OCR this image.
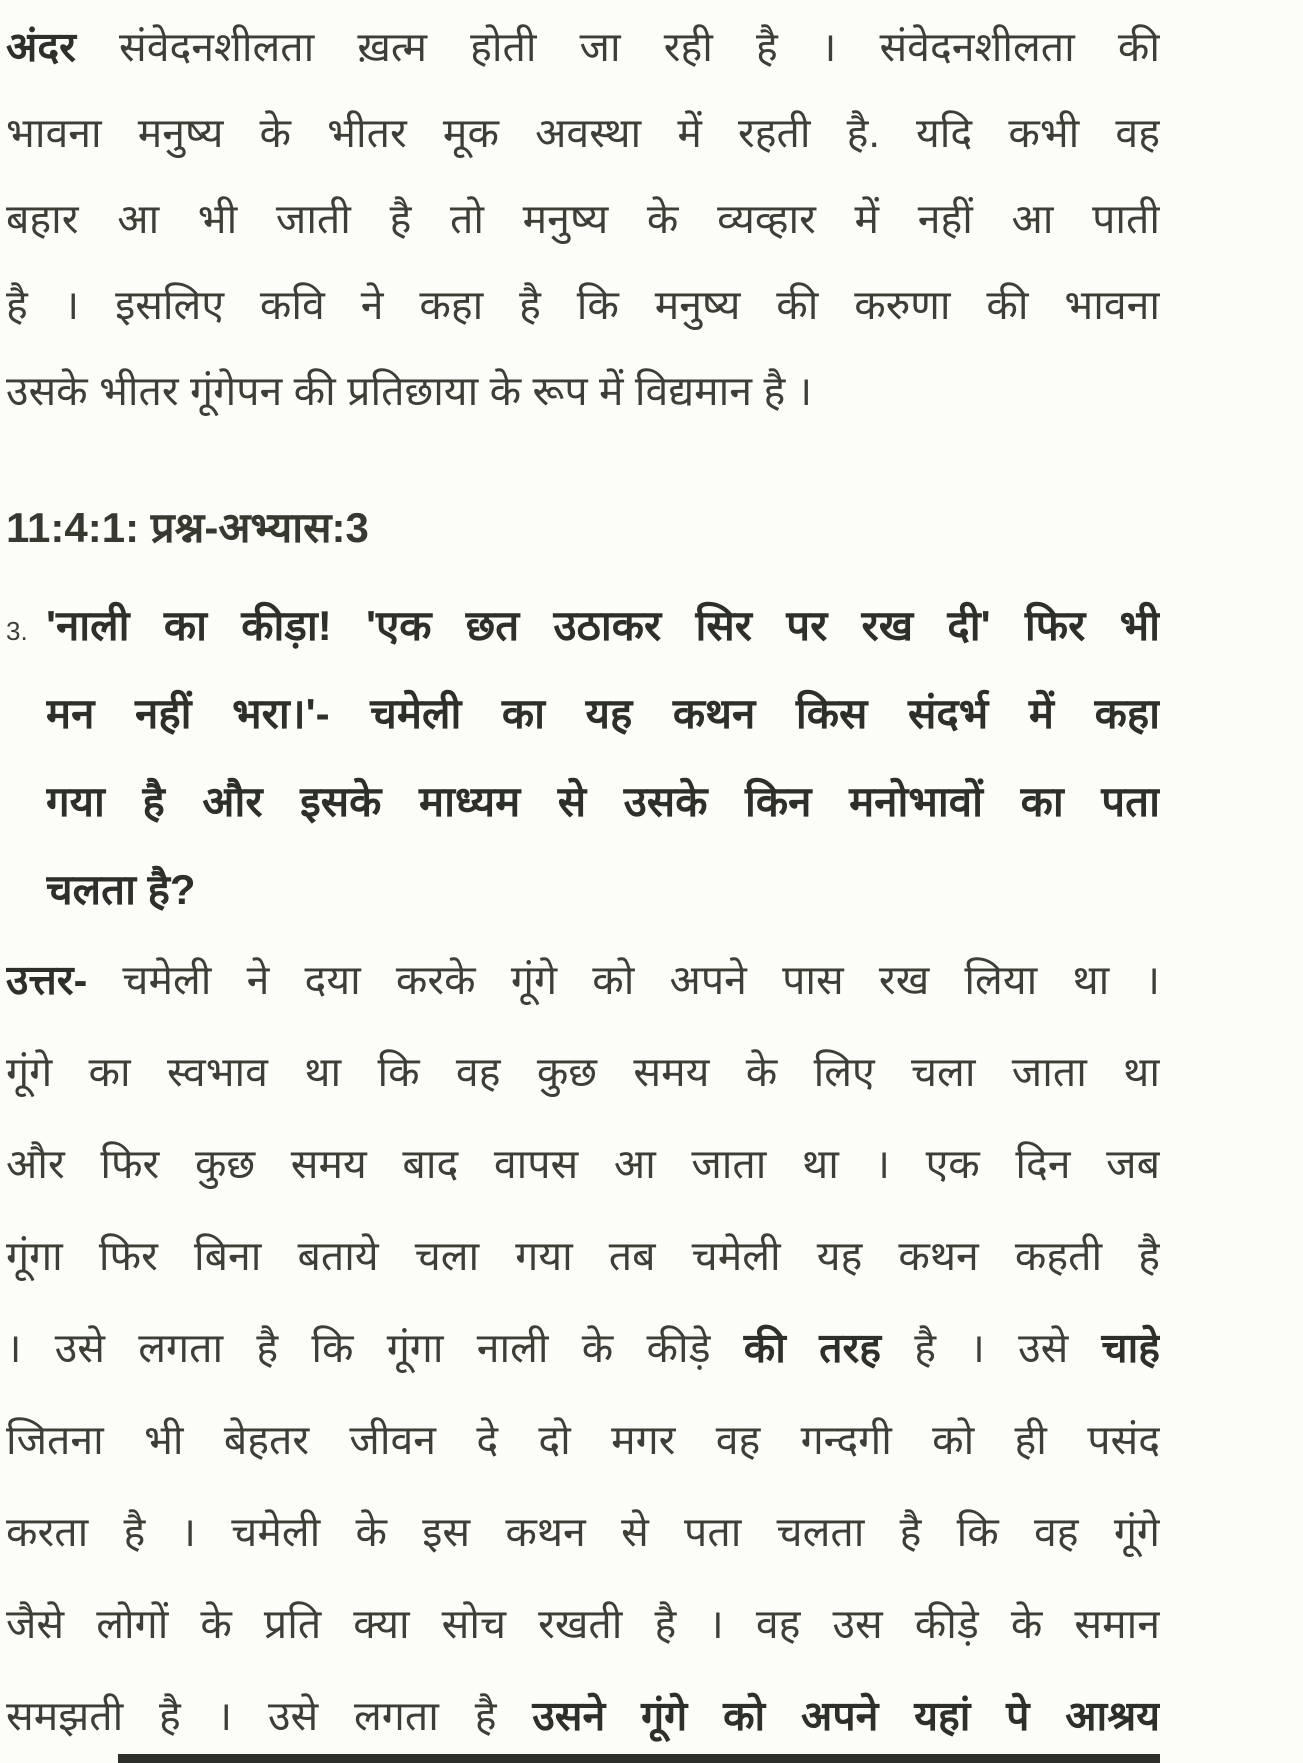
अंदर संवेदनशीलता ख़त्म होती जा रही है । संवेदनशीलता की
भावना मनुष्य के भीतर मूक अवस्था में रहती है. यदि कभी वह
बहार आ भी जाती है तो मनुष्य के व्यव्हार में नहीं आ पाती
है । इसलिए कवि ने कहा है कि मनुष्य की करुणा की भावना
उसके भीतर गूंगेपन की प्रतिछाया के रूप में विद्यमान है ।
11:4:1: प्रश्न-अभ्यास:3
3. 'नाली का कीड़ा! 'एक छत उठाकर सिर पर रख दी' फिर भी
मन नहीं भरा।'- चमेली का यह कथन किस संदर्भ में कहा
गया है और इसके माध्यम से उसके किन मनोभावों का पता
चलता है?
उत्तर- चमेली ने दया करके गूंगे को अपने पास रख लिया था ।
गूंगे का स्वभाव था कि वह कुछ समय के लिए चला जाता था
और फिर कुछ समय बाद वापस आ जाता था । एक दिन जब
गूंगा फिर बिना बताये चला गया तब चमेली यह कथन कहती है
। उसे लगता है कि गूंगा नाली के कीड़े की तरह है । उसे चाहे
जितना भी बेहतर जीवन दे दो मगर वह गन्दगी को ही पसंद
करता है । चमेली के इस कथन से पता चलता है कि वह गूंगे
जैसे लोगों के प्रति क्या सोच रखती है । वह उस कीड़े के समान
समझती है । उसे लगता है उसने गूंगे को अपने यहां पे आश्रय
